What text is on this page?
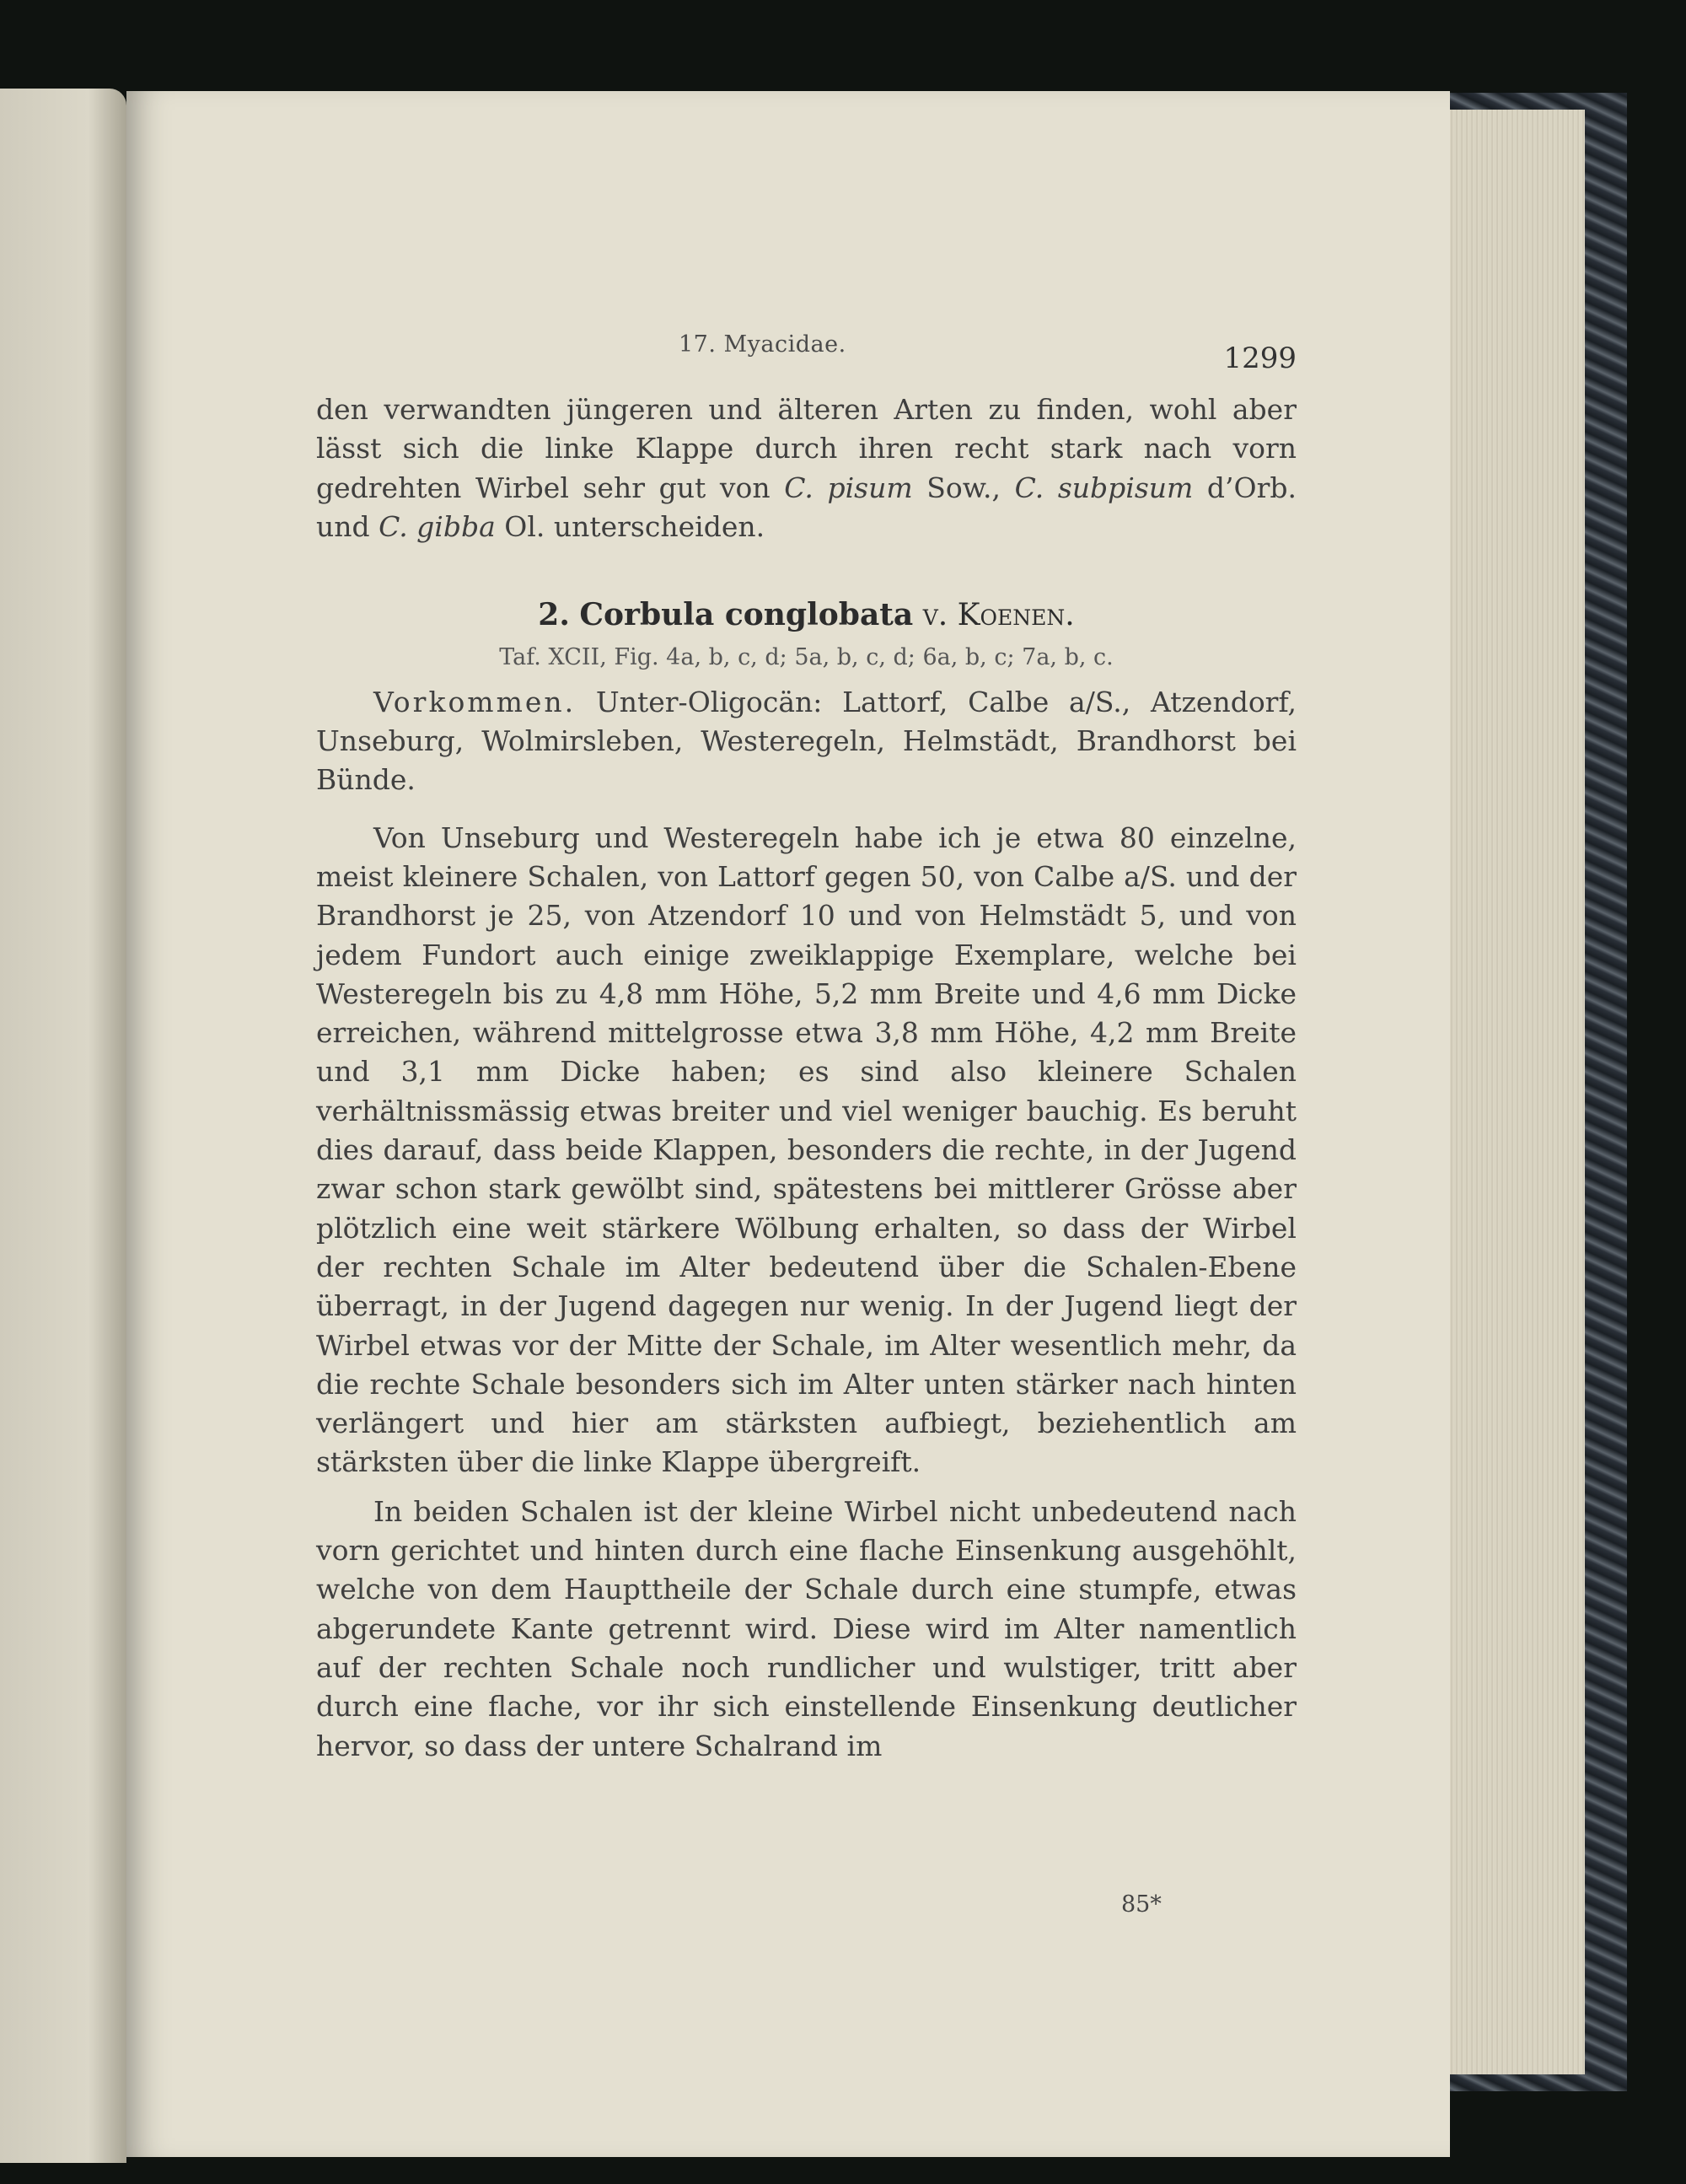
17. Myacidae.	1299

den verwandten jüngeren und älteren Arten zu finden, wohl aber lässt sich die linke Klappe durch ihren recht stark nach vorn gedrehten Wirbel sehr gut von C. pisum Sow., C. subpisum d’Orb. und C. gibba Ol. unterscheiden.

2. Corbula conglobata v. Koenen.
Taf. XCII, Fig. 4a, b, c, d; 5a, b, c, d; 6a, b, c; 7a, b, c.

Vorkommen. Unter-Oligocän: Lattorf, Calbe a/S., Atzendorf, Unseburg, Wolmirsleben, Westeregeln, Helmstädt, Brandhorst bei Bünde.

Von Unseburg und Westeregeln habe ich je etwa 80 einzelne, meist kleinere Schalen, von Lattorf gegen 50, von Calbe a/S. und der Brandhorst je 25, von Atzendorf 10 und von Helmstädt 5, und von jedem Fundort auch einige zweiklappige Exemplare, welche bei Westeregeln bis zu 4,8 mm Höhe, 5,2 mm Breite und 4,6 mm Dicke erreichen, während mittelgrosse etwa 3,8 mm Höhe, 4,2 mm Breite und 3,1 mm Dicke haben; es sind also kleinere Schalen verhältnissmässig etwas breiter und viel weniger bauchig. Es beruht dies darauf, dass beide Klappen, besonders die rechte, in der Jugend zwar schon stark gewölbt sind, spätestens bei mittlerer Grösse aber plötzlich eine weit stärkere Wölbung erhalten, so dass der Wirbel der rechten Schale im Alter bedeutend über die Schalen-Ebene überragt, in der Jugend dagegen nur wenig. In der Jugend liegt der Wirbel etwas vor der Mitte der Schale, im Alter wesentlich mehr, da die rechte Schale besonders sich im Alter unten stärker nach hinten verlängert und hier am stärksten aufbiegt, beziehentlich am stärksten über die linke Klappe übergreift.

In beiden Schalen ist der kleine Wirbel nicht unbedeutend nach vorn gerichtet und hinten durch eine flache Einsenkung ausgehöhlt, welche von dem Haupttheile der Schale durch eine stumpfe, etwas abgerundete Kante getrennt wird. Diese wird im Alter namentlich auf der rechten Schale noch rundlicher und wulstiger, tritt aber durch eine flache, vor ihr sich einstellende Einsenkung deutlicher hervor, so dass der untere Schalrand im

85*
